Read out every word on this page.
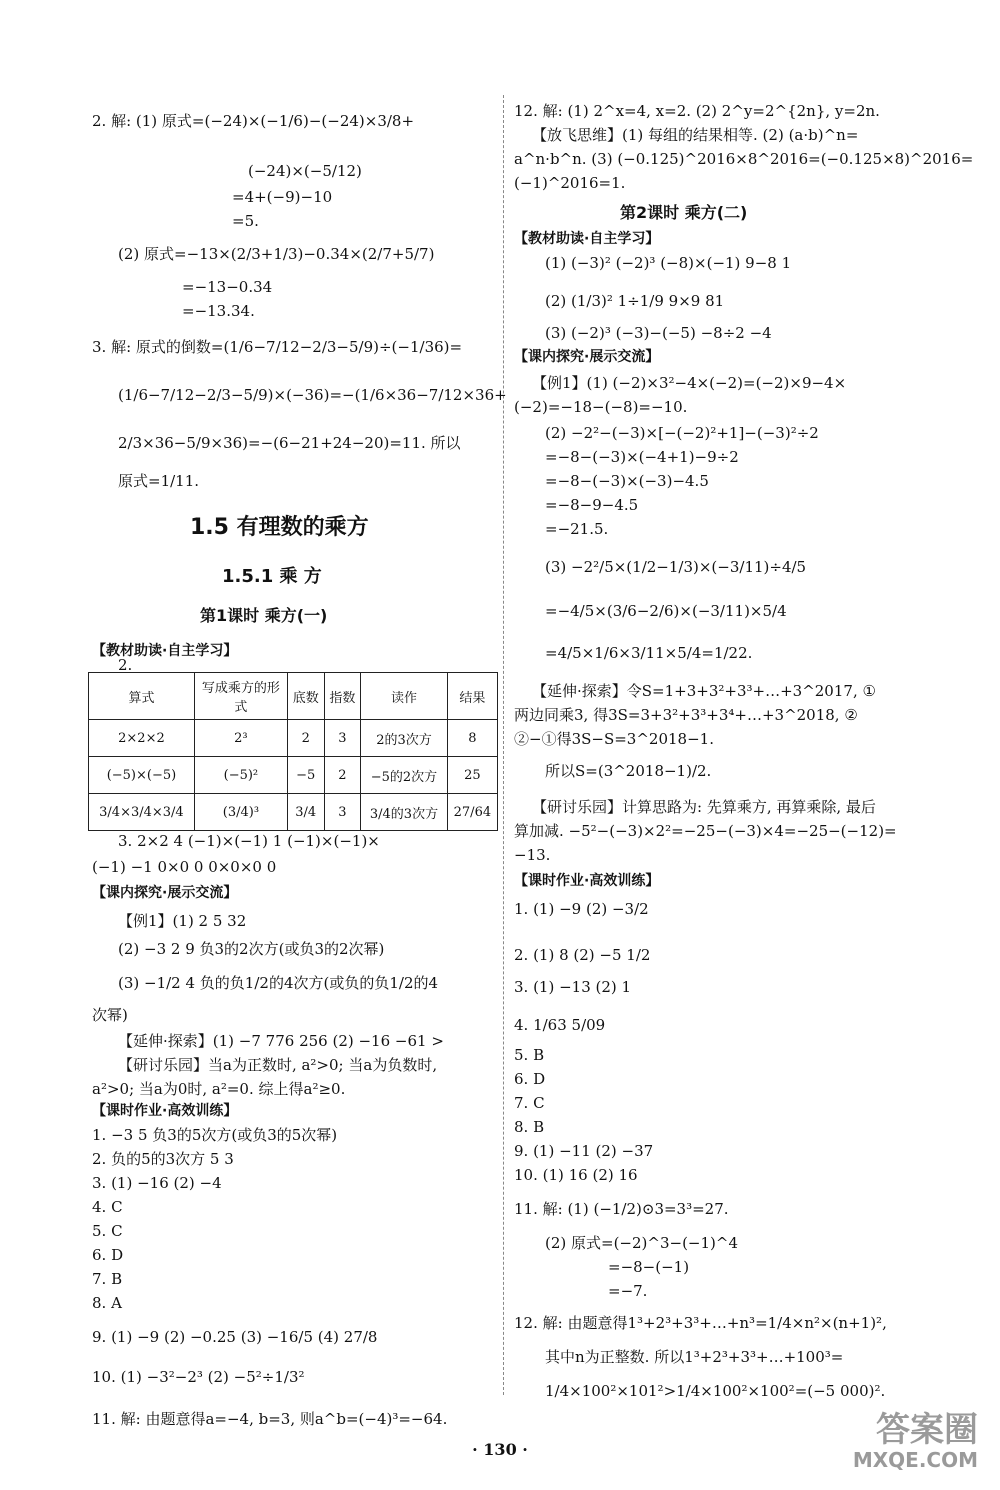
2. 解: (1) 原式=(−24)×(−1/6)−(−24)×3/8+
(−24)×(−5/12)
=4+(−9)−10
=5.
(2) 原式=−13×(2/3+1/3)−0.34×(2/7+5/7)
=−13−0.34
=−13.34.
3. 解: 原式的倒数=(1/6−7/12−2/3−5/9)÷(−1/36)=
(1/6−7/12−2/3−5/9)×(−36)=−(1/6×36−7/12×36+
2/3×36−5/9×36)=−(6−21+24−20)=11. 所以
原式=1/11.
3. 2×2 4 (−1)×(−1) 1 (−1)×(−1)×
(−1) −1 0×0 0 0×0×0 0
【例1】(1) 2 5 32
(2) −3 2 9 负3的2次方(或负3的2次幂)
(3) −1/2 4 负的负1/2的4次方(或负的负1/2的4
次幂)
【延伸·探索】(1) −7 776 256 (2) −16 −61 >
【研讨乐园】当a为正数时, a²>0; 当a为负数时,
a²>0; 当a为0时, a²=0. 综上得a²≥0.
1. −3 5 负3的5次方(或负3的5次幂)
2. 负的5的3次方 5 3
3. (1) −16 (2) −4
4. C
5. C
6. D
7. B
8. A
9. (1) −9 (2) −0.25 (3) −16/5 (4) 27/8
10. (1) −3²−2³ (2) −5²÷1/3²
11. 解: 由题意得a=−4, b=3, 则a^b=(−4)³=−64.
【教材助读·自主学习】
【课内探究·展示交流】
【课时作业·高效训练】
1.5 有理数的乘方
1.5.1 乘 方
第1课时 乘方(一)
2.
12. 解: (1) 2^x=4, x=2. (2) 2^y=2^{2n}, y=2n.
【放飞思维】(1) 每组的结果相等. (2) (a·b)^n=
a^n·b^n. (3) (−0.125)^2016×8^2016=(−0.125×8)^2016=
(−1)^2016=1.
(1) (−3)² (−2)³ (−8)×(−1) 9−8 1
(2) (1/3)² 1÷1/9 9×9 81
(3) (−2)³ (−3)−(−5) −8÷2 −4
【例1】(1) (−2)×3²−4×(−2)=(−2)×9−4×
(−2)=−18−(−8)=−10.
(2) −2²−(−3)×[−(−2)²+1]−(−3)²÷2
=−8−(−3)×(−4+1)−9÷2
=−8−(−3)×(−3)−4.5
=−8−9−4.5
=−21.5.
(3) −2²/5×(1/2−1/3)×(−3/11)÷4/5
=−4/5×(3/6−2/6)×(−3/11)×5/4
=4/5×1/6×3/11×5/4=1/22.
【延伸·探索】令S=1+3+3²+3³+…+3^2017, ①
两边同乘3, 得3S=3+3²+3³+3⁴+…+3^2018, ②
②−①得3S−S=3^2018−1.
所以S=(3^2018−1)/2.
【研讨乐园】计算思路为: 先算乘方, 再算乘除, 最后
算加减. −5²−(−3)×2²=−25−(−3)×4=−25−(−12)=
−13.
1. (1) −9 (2) −3/2
2. (1) 8 (2) −5 1/2
3. (1) −13 (2) 1
4. 1/63 5/09
5. B
6. D
7. C
8. B
9. (1) −11 (2) −37
10. (1) 16 (2) 16
11. 解: (1) (−1/2)⊙3=3³=27.
(2) 原式=(−2)^3−(−1)^4
=−8−(−1)
=−7.
12. 解: 由题意得1³+2³+3³+…+n³=1/4×n²×(n+1)²,
其中n为正整数. 所以1³+2³+3³+…+100³=
1/4×100²×101²>1/4×100²×100²=(−5 000)².
【教材助读·自主学习】
【课内探究·展示交流】
【课时作业·高效训练】
第2课时 乘方(二)
算式	写成乘方的形式	底数	指数	读作	结果
2×2×2	2³	2	3	2的3次方	8
(−5)×(−5)	(−5)²	−5	2	−5的2次方	25
3/4×3/4×3/4	(3/4)³	3/4	3	3/4的3次方	27/64
· 130 ·	答案圈
MXQE.COM
